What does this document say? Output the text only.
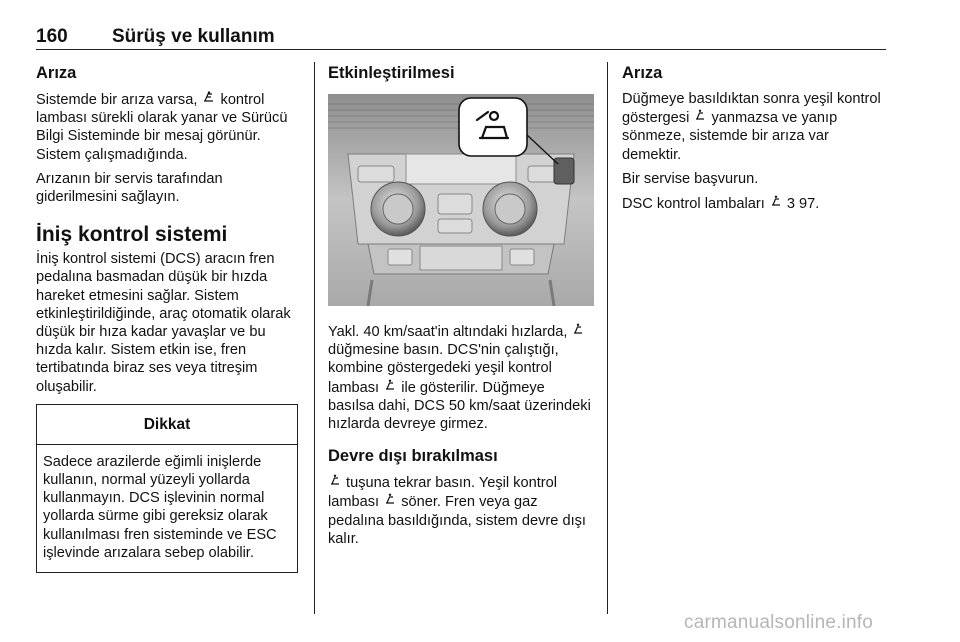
160 Sürüş ve kullanım
Arıza

Sistemde bir arıza varsa,  kontrol lambası sürekli olarak yanar ve Sürücü Bilgi Sisteminde bir mesaj görünür. Sistem çalışmadığında.

Arızanın bir servis tarafından giderilmesini sağlayın.

İniş kontrol sistemi

İniş kontrol sistemi (DCS) aracın fren pedalına basmadan düşük bir hızda hareket etmesini sağlar. Sistem etkinleştirildiğinde, araç otomatik olarak düşük bir hıza kadar yavaşlar ve bu hızda kalır. Sistem etkin ise, fren tertibatında biraz ses veya titreşim oluşabilir.

Dikkat

Sadece arazilerde eğimli inişlerde kullanın, normal yüzeyli yollarda kullanmayın. DCS işlevinin normal yollarda sürme gibi gereksiz olarak kullanılması fren sisteminde ve ESC işlevinde arızalara sebep olabilir.

Etkinleştirilmesi

Yakl. 40 km/saat'in altındaki hızlarda,  düğmesine basın. DCS'nin çalıştığı, kombine göstergedeki yeşil kontrol lambası  ile gösterilir. Düğmeye basılsa dahi, DCS 50 km/saat üzerindeki hızlarda devreye girmez.

Devre dışı bırakılması

tuşuna tekrar basın. Yeşil kontrol lambası  söner. Fren veya gaz pedalına basıldığında, sistem devre dışı kalır.

Arıza

Düğmeye basıldıktan sonra yeşil kontrol göstergesi  yanmazsa ve yanıp sönmeze, sistemde bir arıza var demektir.

Bir servise başvurun.

DSC kontrol lambaları  3 97.

carmanualsonline.info
